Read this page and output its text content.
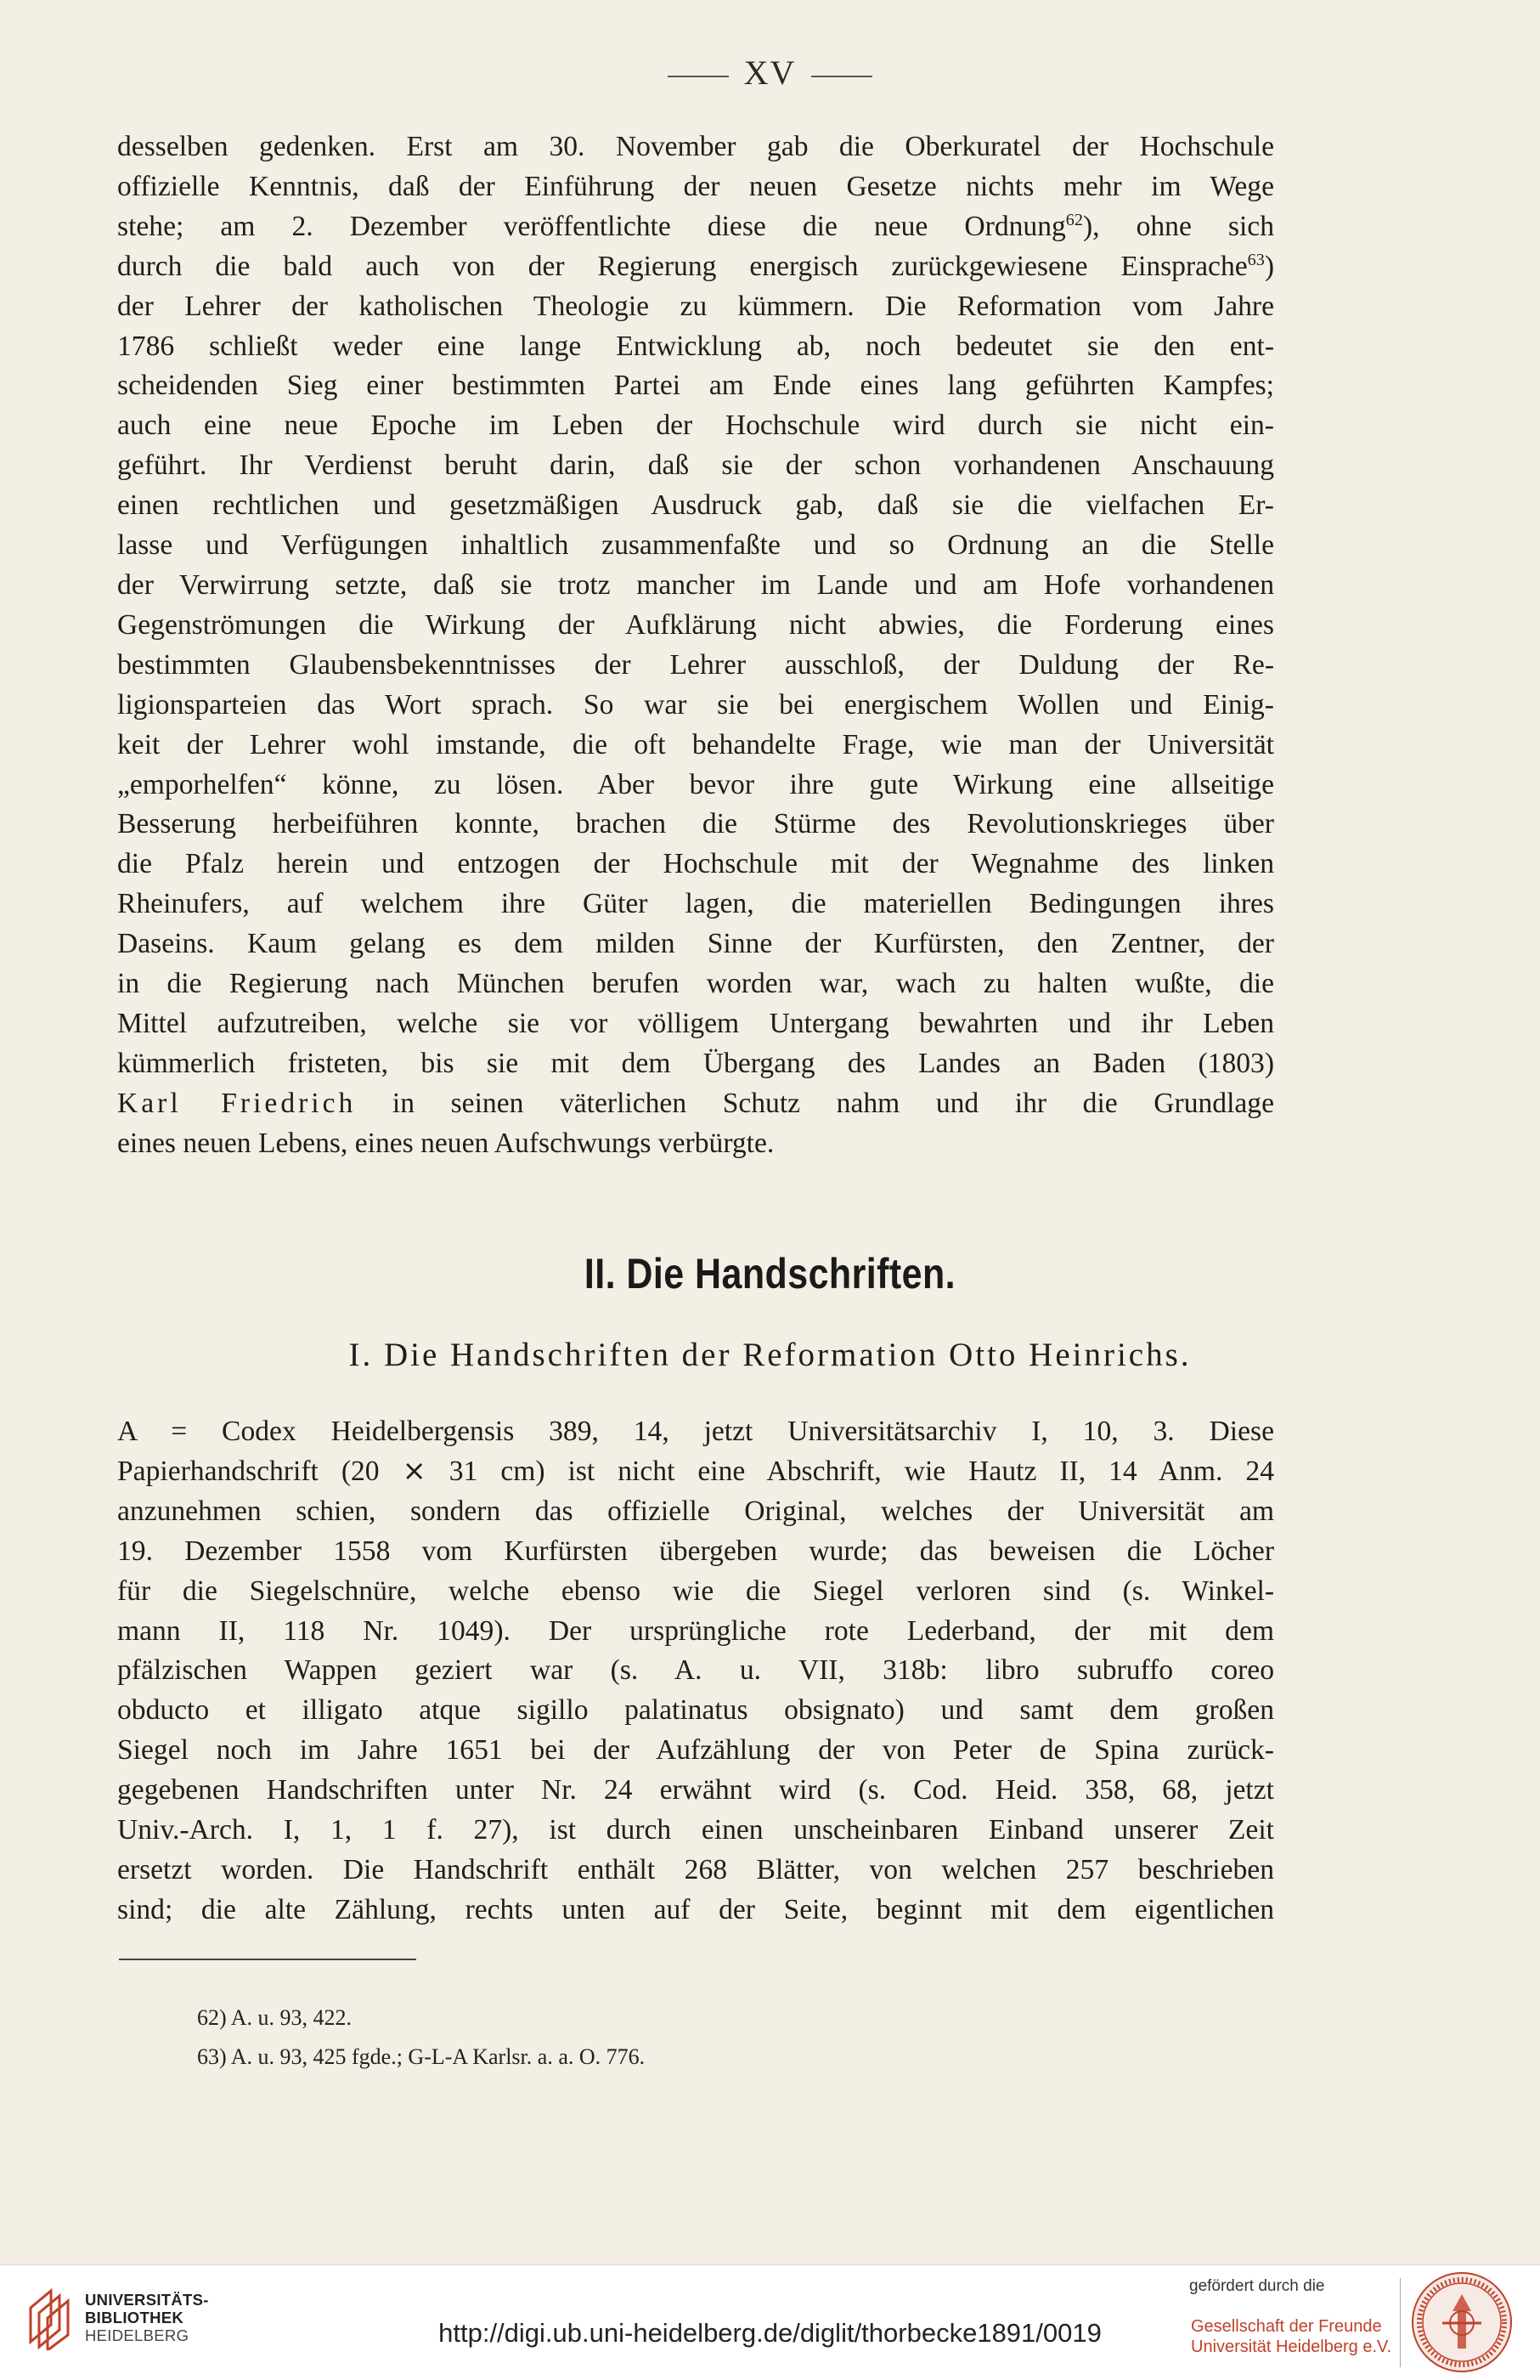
XV

desselben gedenken. Erst am 30. November gab die Oberkuratel der Hochschule

offizielle Kenntnis, daß der Einführung der neuen Gesetze nichts mehr im Wege

stehe; am 2. Dezember veröffentlichte diese die neue Ordnung$^{62}$), ohne sich

durch die bald auch von der Regierung energisch zurückgewiesene Einsprache$^{63}$)

der Lehrer der katholischen Theologie zu kümmern. Die Reformation vom Jahre

1786 schließt weder eine lange Entwicklung ab, noch bedeutet sie den ent-

scheidenden Sieg einer bestimmten Partei am Ende eines lang geführten Kampfes;

auch eine neue Epoche im Leben der Hochschule wird durch sie nicht ein-

geführt. Ihr Verdienst beruht darin, daß sie der schon vorhandenen Anschauung

einen rechtlichen und gesetzmäßigen Ausdruck gab, daß sie die vielfachen Er-

lasse und Verfügungen inhaltlich zusammenfaßte und so Ordnung an die Stelle

der Verwirrung setzte, daß sie trotz mancher im Lande und am Hofe vorhandenen

Gegenströmungen die Wirkung der Aufklärung nicht abwies, die Forderung eines

bestimmten Glaubensbekenntnisses der Lehrer ausschloß, der Duldung der Re-

ligionsparteien das Wort sprach. So war sie bei energischem Wollen und Einig-

keit der Lehrer wohl imstande, die oft behandelte Frage, wie man der Universität

„emporhelfen“ könne, zu lösen. Aber bevor ihre gute Wirkung eine allseitige

Besserung herbeiführen konnte, brachen die Stürme des Revolutionskrieges über

die Pfalz herein und entzogen der Hochschule mit der Wegnahme des linken

Rheinufers, auf welchem ihre Güter lagen, die materiellen Bedingungen ihres

Daseins. Kaum gelang es dem milden Sinne der Kurfürsten, den Zentner, der

in die Regierung nach München berufen worden war, wach zu halten wußte, die

Mittel aufzutreiben, welche sie vor völligem Untergang bewahrten und ihr Leben

kümmerlich fristeten, bis sie mit dem Übergang des Landes an Baden (1803)

Karl Friedrich in seinen väterlichen Schutz nahm und ihr die Grundlage

eines neuen Lebens, eines neuen Aufschwungs verbürgte.

II. Die Handschriften.
I. Die Handschriften der Reformation Otto Heinrichs.

A = Codex Heidelbergensis 389, 14, jetzt Universitätsarchiv I, 10, 3. Diese

Papierhandschrift (20 ⨯ 31 cm) ist nicht eine Abschrift, wie Hautz II, 14 Anm. 24

anzunehmen schien, sondern das offizielle Original, welches der Universität am

19. Dezember 1558 vom Kurfürsten übergeben wurde; das beweisen die Löcher

für die Siegelschnüre, welche ebenso wie die Siegel verloren sind (s. Winkel-

mann II, 118 Nr. 1049). Der ursprüngliche rote Lederband, der mit dem

pfälzischen Wappen geziert war (s. A. u. VII, 318b: libro subruffo coreo

obducto et illigato atque sigillo palatinatus obsignato) und samt dem großen

Siegel noch im Jahre 1651 bei der Aufzählung der von Peter de Spina zurück-

gegebenen Handschriften unter Nr. 24 erwähnt wird (s. Cod. Heid. 358, 68, jetzt

Univ.-Arch. I, 1, 1 f. 27), ist durch einen unscheinbaren Einband unserer Zeit

ersetzt worden. Die Handschrift enthält 268 Blätter, von welchen 257 beschrieben

sind; die alte Zählung, rechts unten auf der Seite, beginnt mit dem eigentlichen

62) A. u. 93, 422.
63) A. u. 93, 425 fgde.; G-L-A Karlsr. a. a. O. 776.
UNIVERSITÄTS-
BIBLIOTHEK
HEIDELBERG	http://digi.ub.uni-heidelberg.de/diglit/thorbecke1891/0019
gefördert durch die
Gesellschaft der Freunde
Universität Heidelberg e.V.
